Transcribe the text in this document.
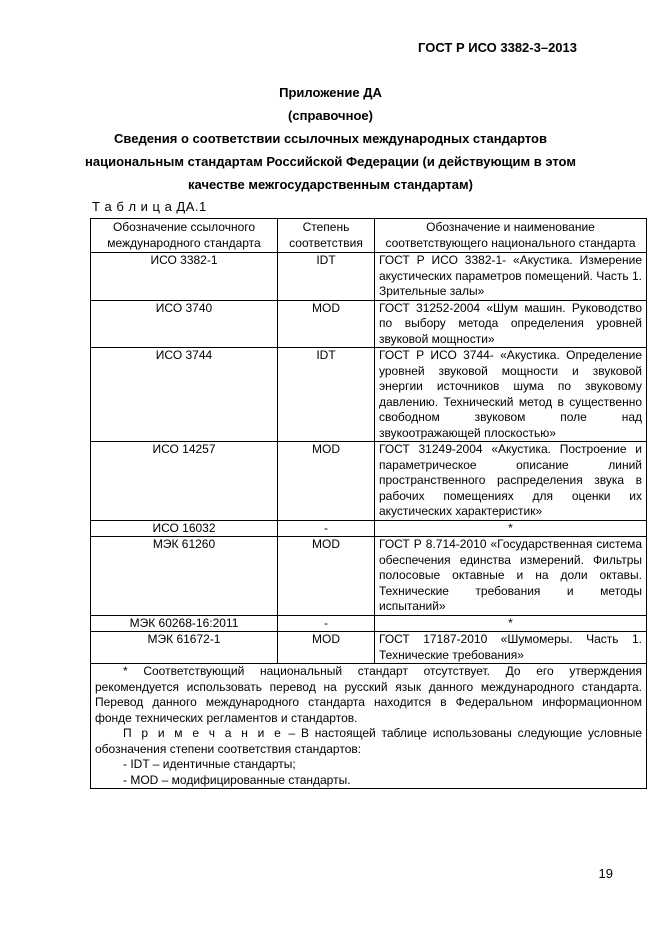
ГОСТ Р ИСО 3382-3–2013
Приложение ДА
(справочное)
Сведения о соответствии ссылочных международных стандартов
национальным стандартам Российской Федерации (и действующим в этом
качестве межгосударственным стандартам)
Т а б л и ц а ДА.1
Обозначение ссылочного международного стандарта	Степень соответствия	Обозначение и наименование соответствующего национального стандарта
ИСО 3382-1	IDT	ГОСТ Р ИСО 3382-1- «Акустика. Измерение акустических параметров помещений. Часть 1. Зрительные залы»
ИСО 3740	MOD	ГОСТ 31252-2004 «Шум машин. Руководство по выбору метода определения уровней звуковой мощности»
ИСО 3744	IDT	ГОСТ Р ИСО 3744- «Акустика. Определение уровней звуковой мощности и звуковой энергии источников шума по звуковому давлению. Технический метод в существенно свободном звуковом поле над звукоотражающей плоскостью»
ИСО 14257	MOD	ГОСТ 31249-2004 «Акустика. Построение и параметрическое описание линий пространственного распределения звука в рабочих помещениях для оценки их акустических характеристик»
ИСО 16032	-	*
МЭК 61260	MOD	ГОСТ Р 8.714-2010 «Государственная система обеспечения единства измерений. Фильтры полосовые октавные и на доли октавы. Технические требования и методы испытаний»
МЭК 60268-16:2011	-	*
МЭК 61672-1	MOD	ГОСТ 17187-2010 «Шумомеры. Часть 1. Технические требования»

* Соответствующий национальный стандарт отсутствует. До его утверждения рекомендуется использовать перевод на русский язык данного международного стандарта. Перевод данного международного стандарта находится в Федеральном информационном фонде технических регламентов и стандартов.

П р и м е ч а н и е – В настоящей таблице использованы следующие условные обозначения степени соответствия стандартов:

- IDT – идентичные стандарты;
- MOD – модифицированные стандарты.		
19
